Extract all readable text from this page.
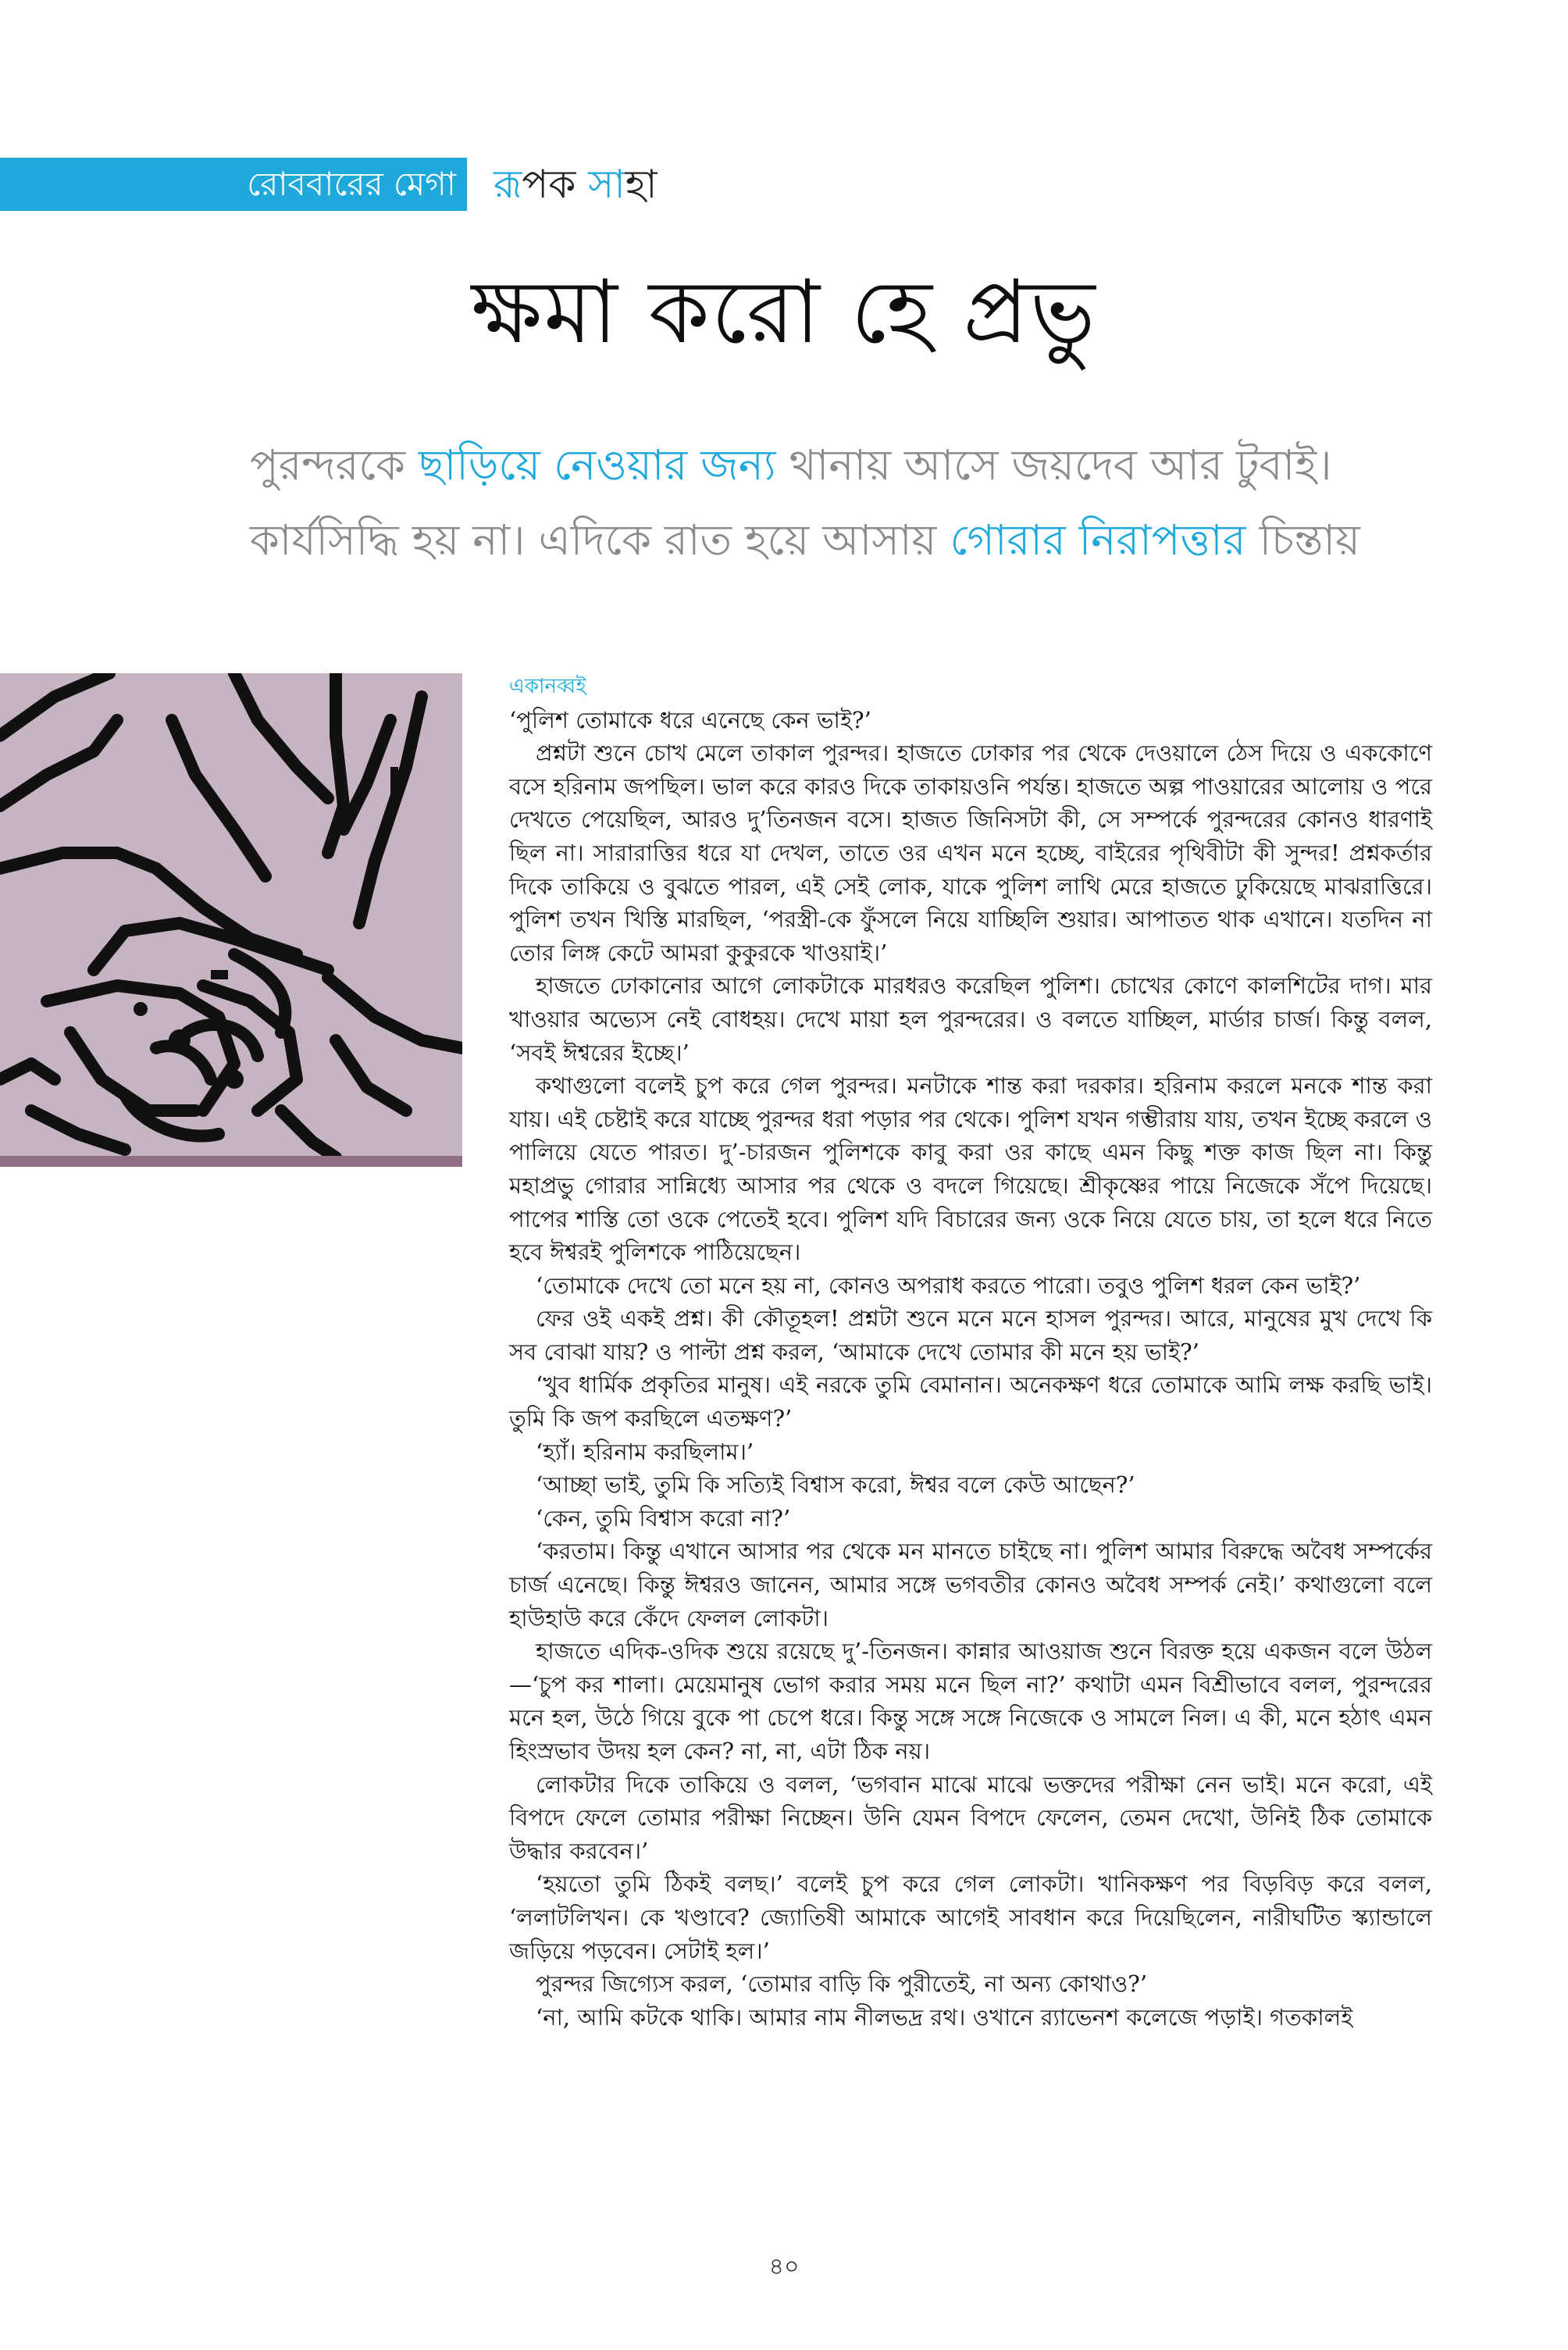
রোববারের মেগা রূপক সাহা
ক্ষমা করো হে প্রভু
পুরন্দরকে ছাড়িয়ে নেওয়ার জন্য থানায় আসে জয়দেব আর টুবাই।
কার্যসিদ্ধি হয় না। এদিকে রাত হয়ে আসায় গোরার নিরাপত্তার চিন্তায়
একানব্বই

‘পুলিশ তোমাকে ধরে এনেছে কেন ভাই?’

প্রশ্নটা শুনে চোখ মেলে তাকাল পুরন্দর। হাজতে ঢোকার পর থেকে দেওয়ালে ঠেস দিয়ে ও এককোণে বসে হরিনাম জপছিল। ভাল করে কারও দিকে তাকায়ওনি পর্যন্ত। হাজতে অল্প পাওয়ারের আলোয় ও পরে দেখতে পেয়েছিল, আরও দু’তিনজন বসে। হাজত জিনিসটা কী, সে সম্পর্কে পুরন্দরের কোনও ধারণাই ছিল না। সারারাত্তির ধরে যা দেখল, তাতে ওর এখন মনে হচ্ছে, বাইরের পৃথিবীটা কী সুন্দর! প্রশ্নকর্তার দিকে তাকিয়ে ও বুঝতে পারল, এই সেই লোক, যাকে পুলিশ লাথি মেরে হাজতে ঢুকিয়েছে মাঝরাত্তিরে। পুলিশ তখন খিস্তি মারছিল, ‘পরস্ত্রী-কে ফুঁসলে নিয়ে যাচ্ছিলি শুয়ার। আপাতত থাক এখানে। যতদিন না তোর লিঙ্গ কেটে আমরা কুকুরকে খাওয়াই।’

হাজতে ঢোকানোর আগে লোকটাকে মারধরও করেছিল পুলিশ। চোখের কোণে কালশিটের দাগ। মার খাওয়ার অভ্যেস নেই বোধহয়। দেখে মায়া হল পুরন্দরের। ও বলতে যাচ্ছিল, মার্ডার চার্জ। কিন্তু বলল, ‘সবই ঈশ্বরের ইচ্ছে।’

কথাগুলো বলেই চুপ করে গেল পুরন্দর। মনটাকে শান্ত করা দরকার। হরিনাম করলে মনকে শান্ত করা যায়। এই চেষ্টাই করে যাচ্ছে পুরন্দর ধরা পড়ার পর থেকে। পুলিশ যখন গম্ভীরায় যায়, তখন ইচ্ছে করলে ও পালিয়ে যেতে পারত। দু’-চারজন পুলিশকে কাবু করা ওর কাছে এমন কিছু শক্ত কাজ ছিল না। কিন্তু মহাপ্রভু গোরার সান্নিধ্যে আসার পর থেকে ও বদলে গিয়েছে। শ্রীকৃষ্ণের পায়ে নিজেকে সঁপে দিয়েছে। পাপের শাস্তি তো ওকে পেতেই হবে। পুলিশ যদি বিচারের জন্য ওকে নিয়ে যেতে চায়, তা হলে ধরে নিতে হবে ঈশ্বরই পুলিশকে পাঠিয়েছেন।

‘তোমাকে দেখে তো মনে হয় না, কোনও অপরাধ করতে পারো। তবুও পুলিশ ধরল কেন ভাই?’

ফের ওই একই প্রশ্ন। কী কৌতূহল! প্রশ্নটা শুনে মনে মনে হাসল পুরন্দর। আরে, মানুষের মুখ দেখে কি সব বোঝা যায়? ও পাল্টা প্রশ্ন করল, ‘আমাকে দেখে তোমার কী মনে হয় ভাই?’

‘খুব ধার্মিক প্রকৃতির মানুষ। এই নরকে তুমি বেমানান। অনেকক্ষণ ধরে তোমাকে আমি লক্ষ করছি ভাই। তুমি কি জপ করছিলে এতক্ষণ?’

‘হ্যাঁ। হরিনাম করছিলাম।’

‘আচ্ছা ভাই, তুমি কি সত্যিই বিশ্বাস করো, ঈশ্বর বলে কেউ আছেন?’

‘কেন, তুমি বিশ্বাস করো না?’

‘করতাম। কিন্তু এখানে আসার পর থেকে মন মানতে চাইছে না। পুলিশ আমার বিরুদ্ধে অবৈধ সম্পর্কের চার্জ এনেছে। কিন্তু ঈশ্বরও জানেন, আমার সঙ্গে ভগবতীর কোনও অবৈধ সম্পর্ক নেই।’ কথাগুলো বলে হাউহাউ করে কেঁদে ফেলল লোকটা।

হাজতে এদিক-ওদিক শুয়ে রয়েছে দু’-তিনজন। কান্নার আওয়াজ শুনে বিরক্ত হয়ে একজন বলে উঠল—‘চুপ কর শালা। মেয়েমানুষ ভোগ করার সময় মনে ছিল না?’ কথাটা এমন বিশ্রীভাবে বলল, পুরন্দরের মনে হল, উঠে গিয়ে বুকে পা চেপে ধরে। কিন্তু সঙ্গে সঙ্গে নিজেকে ও সামলে নিল। এ কী, মনে হঠাৎ এমন হিংস্রভাব উদয় হল কেন? না, না, এটা ঠিক নয়।

লোকটার দিকে তাকিয়ে ও বলল, ‘ভগবান মাঝে মাঝে ভক্তদের পরীক্ষা নেন ভাই। মনে করো, এই বিপদে ফেলে তোমার পরীক্ষা নিচ্ছেন। উনি যেমন বিপদে ফেলেন, তেমন দেখো, উনিই ঠিক তোমাকে উদ্ধার করবেন।’

‘হয়তো তুমি ঠিকই বলছ।’ বলেই চুপ করে গেল লোকটা। খানিকক্ষণ পর বিড়বিড় করে বলল, ‘ললাটলিখন। কে খণ্ডাবে? জ্যোতিষী আমাকে আগেই সাবধান করে দিয়েছিলেন, নারীঘটিত স্ক্যান্ডালে জড়িয়ে পড়বেন। সেটাই হল।’

পুরন্দর জিগ্যেস করল, ‘তোমার বাড়ি কি পুরীতেই, না অন্য কোথাও?’

‘না, আমি কটকে থাকি। আমার নাম নীলভদ্র রথ। ওখানে র‍্যাভেনশ কলেজে পড়াই। গতকালই

৪০
